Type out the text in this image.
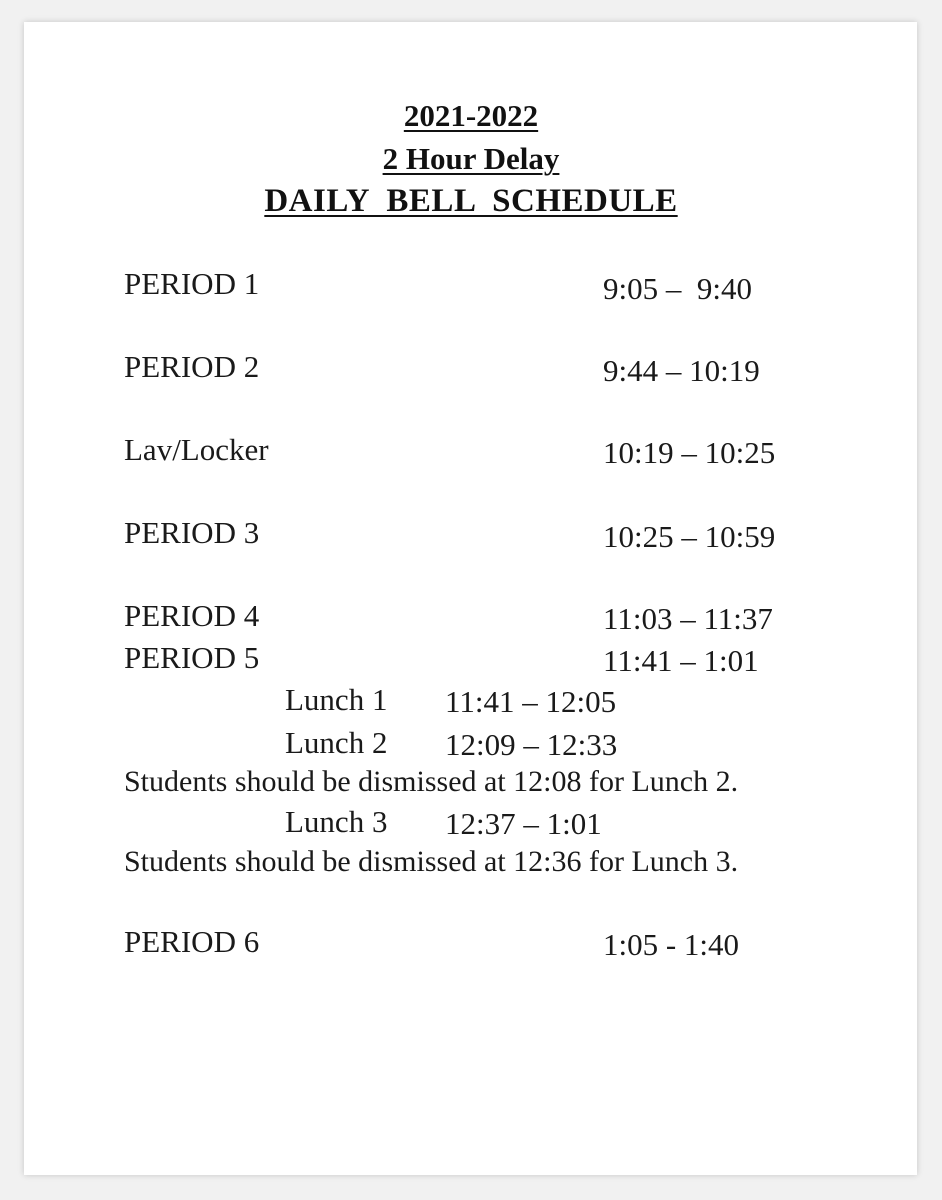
2021-2022
2 Hour Delay
DAILY  BELL  SCHEDULE
PERIOD 1	9:05 –  9:40
PERIOD 2	9:44 – 10:19
Lav/Locker	10:19 – 10:25
PERIOD 3	10:25 – 10:59
PERIOD 4	11:03 – 11:37
PERIOD 5	11:41 – 1:01
Lunch 1 11:41 – 12:05
Lunch 2 12:09 – 12:33
Students should be dismissed at 12:08 for Lunch 2.
Lunch 3 12:37 – 1:01
Students should be dismissed at 12:36 for Lunch 3.
PERIOD 6	1:05 - 1:40
